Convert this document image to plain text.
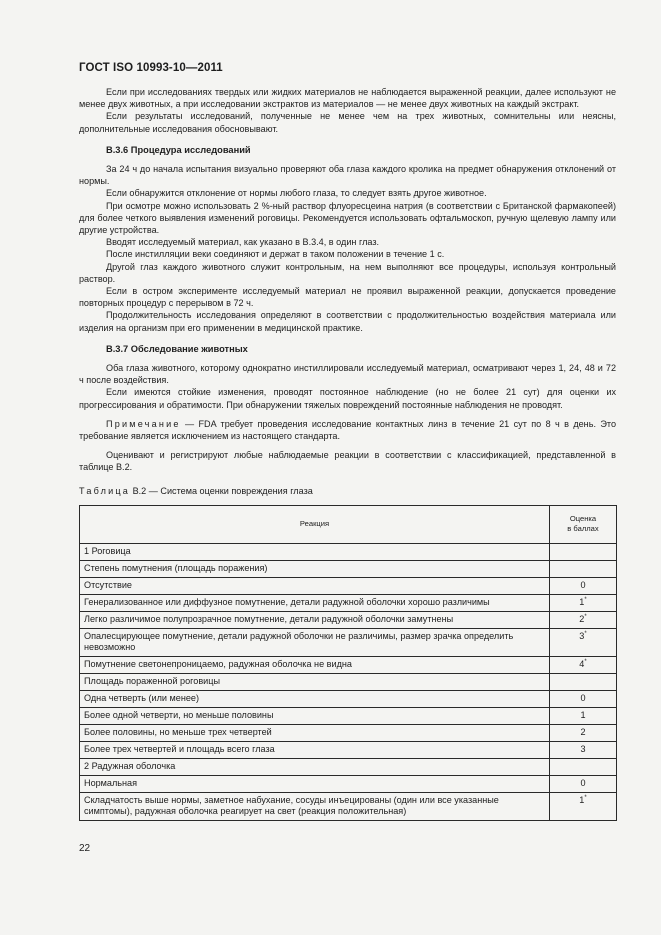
ГОСТ ISO 10993-10—2011

Если при исследованиях твердых или жидких материалов не наблюдается выраженной реакции, далее используют не менее двух животных, а при исследовании экстрактов из материалов — не менее двух животных на каждый экстракт.

Если результаты исследований, полученные не менее чем на трех животных, сомнительны или неясны, дополнительные исследования обосновывают.

В.3.6 Процедура исследований

За 24 ч до начала испытания визуально проверяют оба глаза каждого кролика на предмет обнаружения отклонений от нормы.

Если обнаружится отклонение от нормы любого глаза, то следует взять другое животное.

При осмотре можно использовать 2 %-ный раствор флуоресцеина натрия (в соответствии с Британской фармакопеей) для более четкого выявления изменений роговицы. Рекомендуется использовать офтальмоскоп, ручную щелевую лампу или другие устройства.

Вводят исследуемый материал, как указано в В.3.4, в один глаз.

После инстилляции веки соединяют и держат в таком положении в течение 1 с.

Другой глаз каждого животного служит контрольным, на нем выполняют все процедуры, используя контрольный раствор.

Если в остром эксперименте исследуемый материал не проявил выраженной реакции, допускается проведение повторных процедур с перерывом в 72 ч.

Продолжительность исследования определяют в соответствии с продолжительностью воздействия материала или изделия на организм при его применении в медицинской практике.

В.3.7 Обследование животных

Оба глаза животного, которому однократно инстиллировали исследуемый материал, осматривают через 1, 24, 48 и 72 ч после воздействия.

Если имеются стойкие изменения, проводят постоянное наблюдение (но не более 21 сут) для оценки их прогрессирования и обратимости. При обнаружении тяжелых повреждений постоянные наблюдения не проводят.

Примечание — FDA требует проведения исследование контактных линз в течение 21 сут по 8 ч в день. Это требование является исключением из настоящего стандарта.

Оценивают и регистрируют любые наблюдаемые реакции в соответствии с классификацией, представленной в таблице В.2.

Таблица В.2 — Система оценки повреждения глаза
Реакция	Оценка
в баллах
1 Роговица	
Степень помутнения (площадь поражения)	
Отсутствие	0
Генерализованное или диффузное помутнение, детали радужной оболочки хорошо различимы	1*
Легко различимое полупрозрачное помутнение, детали радужной оболочки замутнены	2*
Опалесцирующее помутнение, детали радужной оболочки не различимы, размер зрачка определить невозможно	3*
Помутнение светонепроницаемо, радужная оболочка не видна	4*
Площадь пораженной роговицы	
Одна четверть (или менее)	0
Более одной четверти, но меньше половины	1
Более половины, но меньше трех четвертей	2
Более трех четвертей и площадь всего глаза	3
2 Радужная оболочка	
Нормальная	0
Складчатость выше нормы, заметное набухание, сосуды инъецированы (один или все указанные симптомы), радужная оболочка реагирует на свет (реакция положительная)	1*
22
